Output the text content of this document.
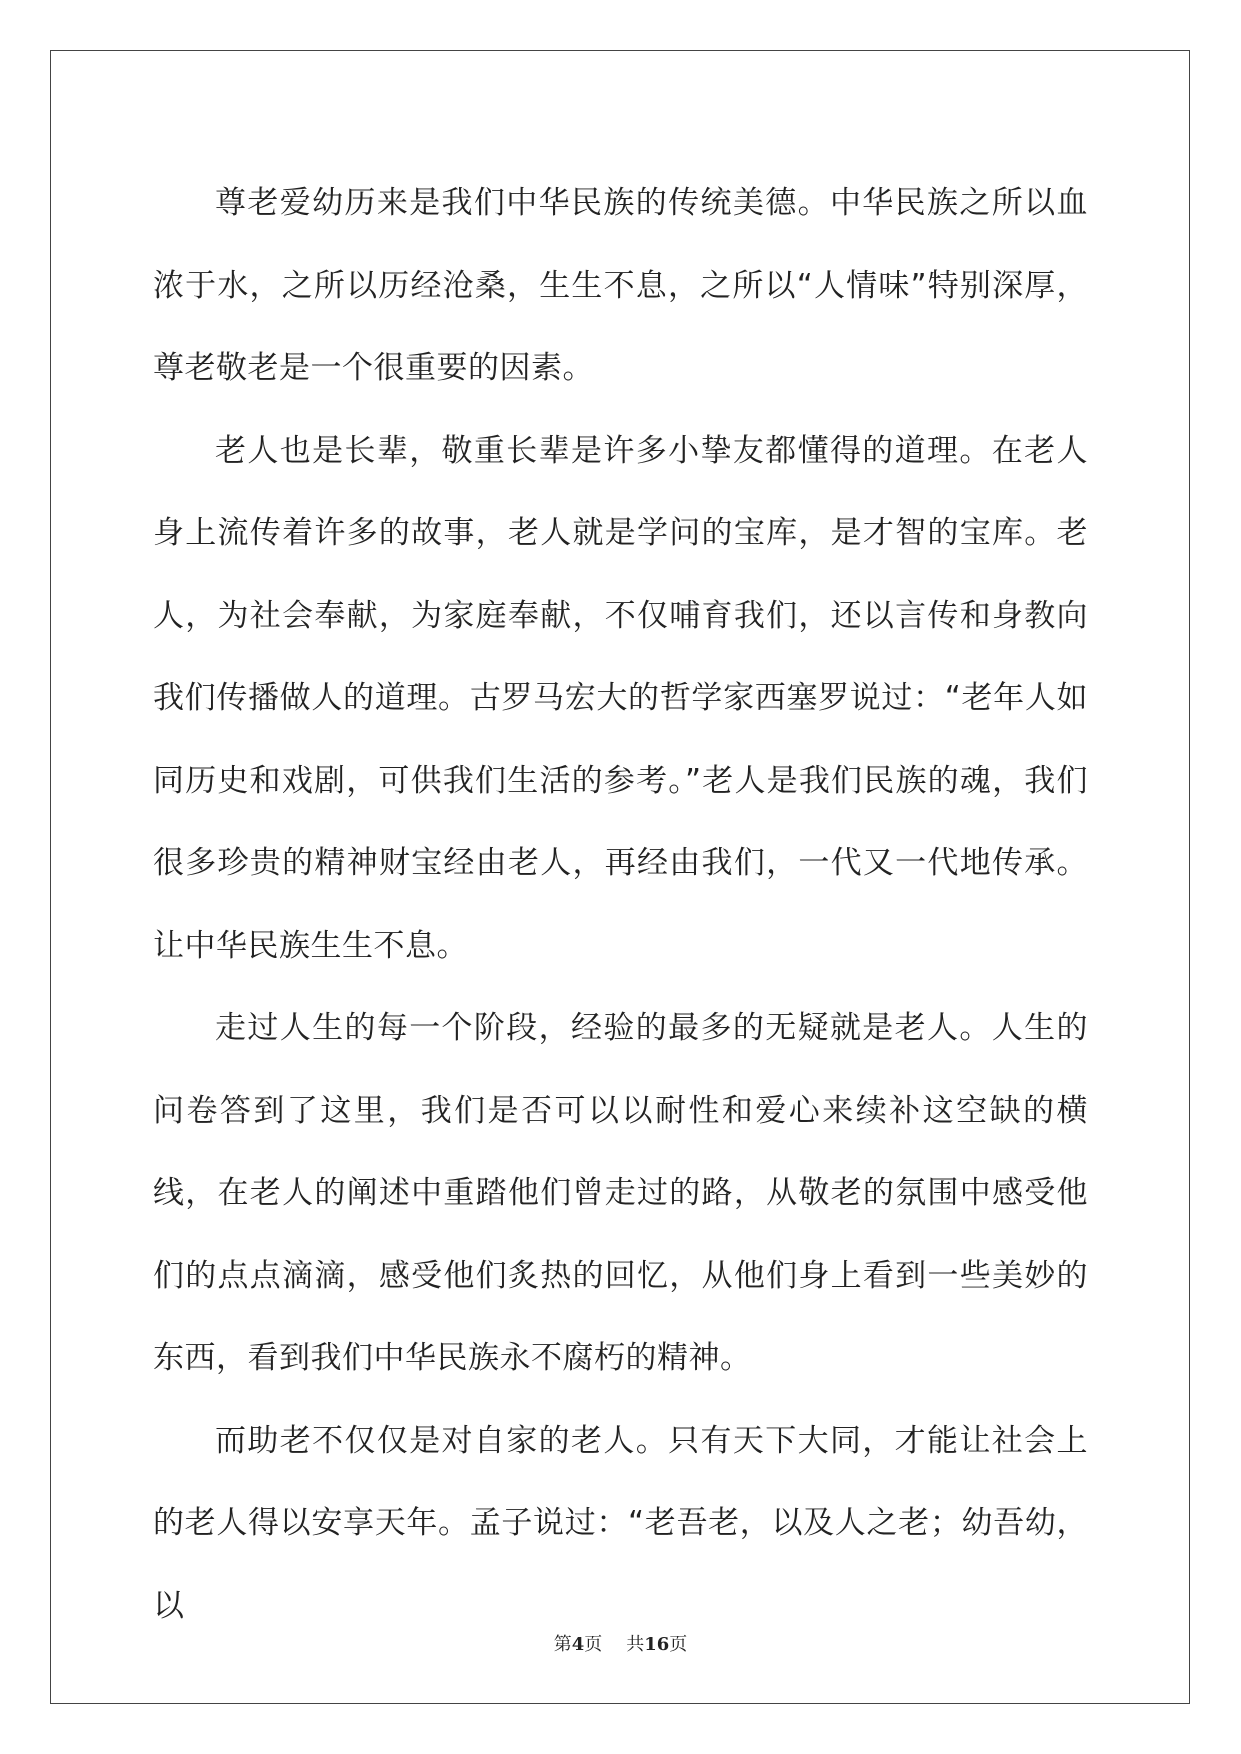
尊老爱幼历来是我们中华民族的传统美德。中华民族之所以血浓于水，之所以历经沧桑，生生不息，之所以“人情味”特别深厚，尊老敬老是一个很重要的因素。

老人也是长辈，敬重长辈是许多小挚友都懂得的道理。在老人身上流传着许多的故事，老人就是学问的宝库，是才智的宝库。老人，为社会奉献，为家庭奉献，不仅哺育我们，还以言传和身教向我们传播做人的道理。古罗马宏大的哲学家西塞罗说过：“老年人如同历史和戏剧，可供我们生活的参考。”老人是我们民族的魂，我们很多珍贵的精神财宝经由老人，再经由我们，一代又一代地传承。让中华民族生生不息。

走过人生的每一个阶段，经验的最多的无疑就是老人。人生的问卷答到了这里，我们是否可以以耐性和爱心来续补这空缺的横线，在老人的阐述中重踏他们曾走过的路，从敬老的氛围中感受他们的点点滴滴，感受他们炙热的回忆，从他们身上看到一些美妙的东西，看到我们中华民族永不腐朽的精神。

而助老不仅仅是对自家的老人。只有天下大同，才能让社会上的老人得以安享天年。孟子说过：“老吾老，以及人之老；幼吾幼，以

第4页 共16页
